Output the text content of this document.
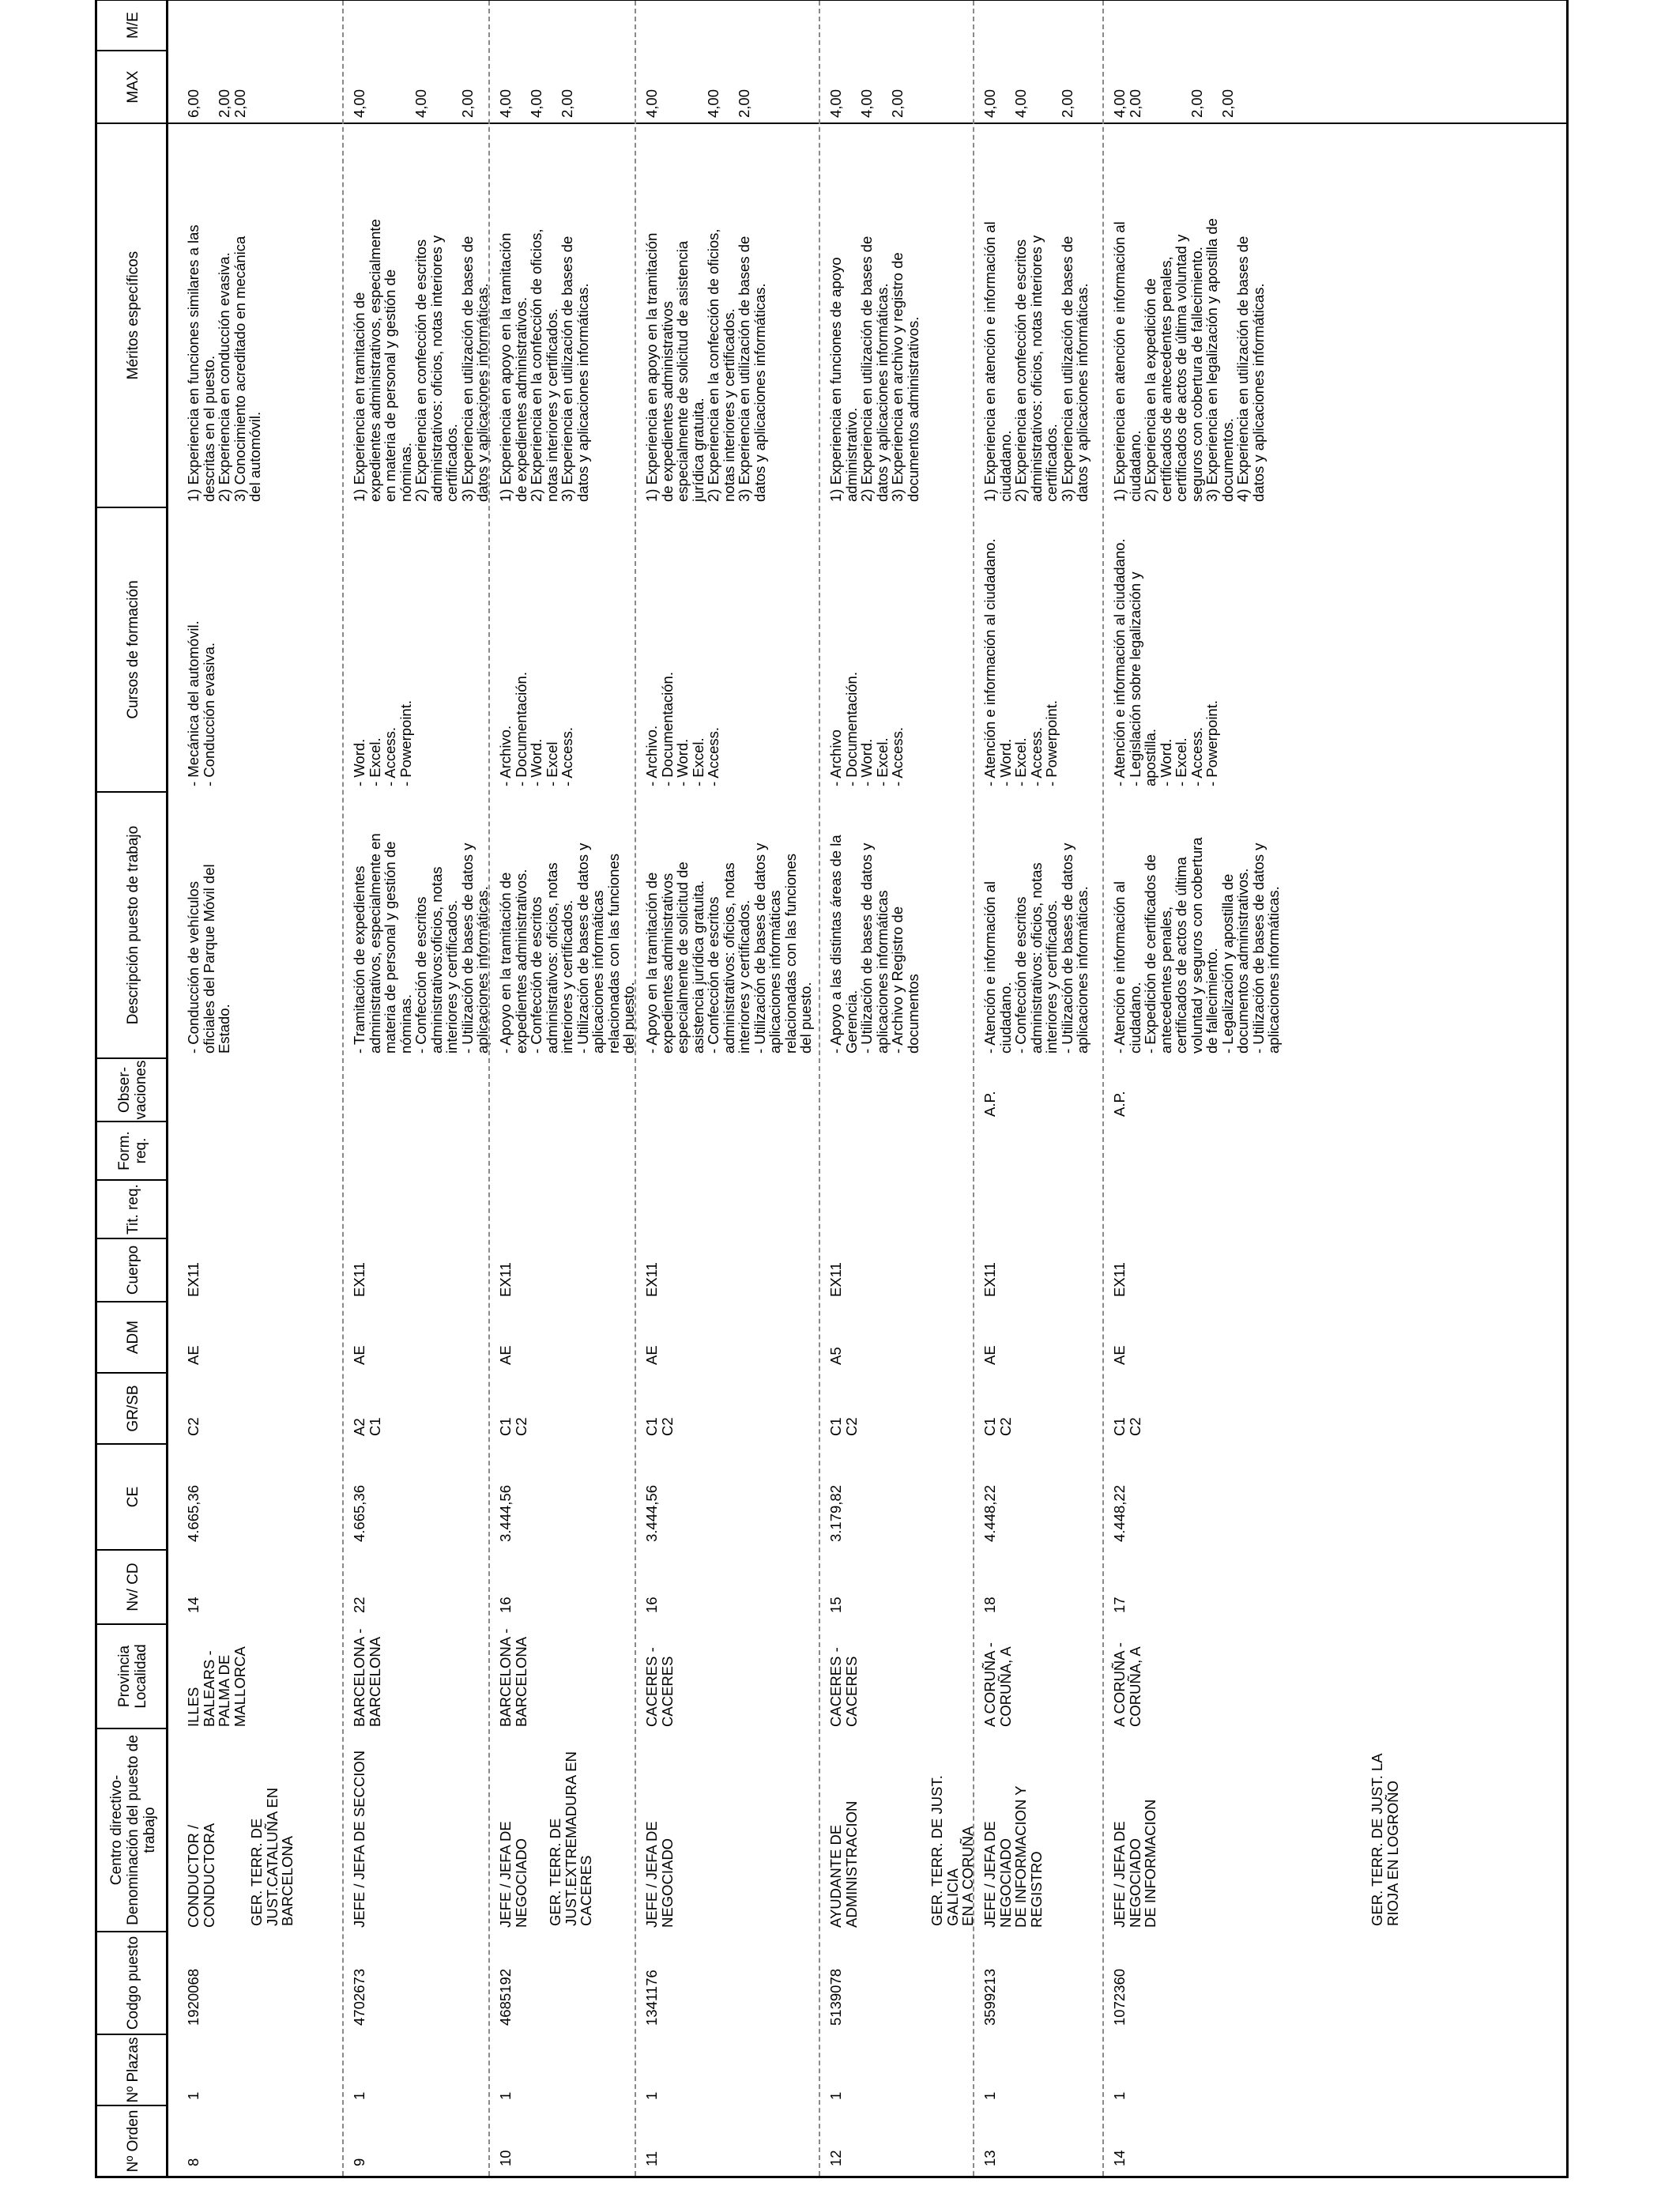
Nº Orden
Nº Plazas
Codgo puesto
Centro directivo- Denominación del puesto de trabajo
Provincia Localidad
Nv/ CD
CE
GR/SB
ADM
Cuerpo
Tit. req.
Form. req.
Obser- vaciones
Descripción puesto de trabajo
Cursos de formación
Méritos específicos
MAX
M/E
8
1
1920068
CONDUCTOR / CONDUCTORA
ILLES
BALEARS -
PALMA DE
MALLORCA
14
4.665,36
C2
AE
EX11
- Conducción de vehículos
oficiales del Parque Móvil del
Estado.
- Mecánica del automóvil.
- Conducción evasiva.
1) Experiencia en funciones similares a las
descritas en el puesto.
2) Experiencia en conducción evasiva.
3) Conocimiento acreditado en mecánica
del automóvil.
6,00

2,00
2,00
9
1
4702673
JEFE / JEFA DE SECCION
BARCELONA -
BARCELONA
22
4.665,36
A2
C1
AE
EX11
- Tramitación de expedientes
administrativos, especialmente en
materia de personal y gestión de
nóminas.
- Confección de escritos
administrativos:oficios, notas
interiores y certificados.
- Utilización de bases de datos y
aplicaciones informáticas.
- Word.
- Excel.
- Access.
- Powerpoint.
1) Experiencia en tramitación de
expedientes administrativos, especialmente
en materia de personal y gestión de
nóminas.
2) Experiencia en confección de escritos
administrativos: oficios, notas interiores y
certificados.
3) Experiencia en utilización de bases de
datos y aplicaciones informáticas.
4,00

4,00

2,00
10
1
4685192
JEFE / JEFA DE NEGOCIADO
BARCELONA -
BARCELONA
16
3.444,56
C1
C2
AE
EX11
- Apoyo en la tramitación de
expedientes administrativos.
- Confección de escritos
administrativos: oficios, notas
interiores y certificados.
- Utilización de bases de datos y
aplicaciones informáticas
relacionadas con las funciones
del puesto.
- Archivo.
- Documentación.
- Word.
- Excel
- Access.
1) Experiencia en apoyo en la tramitación
de expedientes administrativos.
2) Experiencia en la confección de oficios,
notas interiores y certificados.
3) Experiencia en utilización de bases de
datos y aplicaciones informáticas.
4,00

4,00

2,00
11
1
1341176
JEFE / JEFA DE NEGOCIADO
CACERES -
CACERES
16
3.444,56
C1
C2
AE
EX11
- Apoyo en la tramitación de
expedientes administrativos
especialmente de solicitud de
asistencia jurídica gratuita.
- Confección de escritos
administrativos: oficios, notas
interiores y certificados.
- Utilización de bases de datos y
aplicaciones informáticas
relacionadas con las funciones
del puesto.
- Archivo.
- Documentación.
- Word.
- Excel.
- Access.
1) Experiencia en apoyo en la tramitación
de expedientes administrativos
especialmente de solicitud de asistencia
jurídica gratuita.
2) Experiencia en la confección de oficios,
notas interiores y certificados.
3) Experiencia en utilización de bases de
datos y aplicaciones informáticas.
4,00

4,00

2,00
12
1
5139078
AYUDANTE DE
ADMINISTRACION
CACERES -
CACERES
15
3.179,82
C1
C2
A5
EX11
- Apoyo a las distintas áreas de la
Gerencia.
- Utilización de bases de datos y
aplicaciones informáticas
- Archivo y Registro de
documentos
- Archivo
- Documentación.
- Word.
- Excel.
- Access.
1) Experiencia en funciones de apoyo
administrativo.
2) Experiencia en utilización de bases de
datos y aplicaciones informáticas.
3) Experiencia en archivo y registro de
documentos administrativos.
4,00

4,00

2,00
13
1
3599213
JEFE / JEFA DE NEGOCIADO
DE INFORMACION Y
REGISTRO
A CORUÑA -
CORUÑA, A
18
4.448,22
C1
C2
AE
EX11
A.P.
- Atención e información al
ciudadano.
- Confección de escritos
administrativos: oficios, notas
interiores y certificados.
- Utilización de bases de datos y
aplicaciones informáticas.
- Atención e información al ciudadano.
- Word.
- Excel.
- Access.
- Powerpoint.
1) Experiencia en atención e información al
ciudadano.
2) Experiencia en confección de escritos
administrativos: oficios, notas interiores y
certificados.
3) Experiencia en utilización de bases de
datos y aplicaciones informáticas.
4,00

4,00

2,00
14
1
1072360
JEFE / JEFA DE NEGOCIADO
DE INFORMACION
A CORUÑA -
CORUÑA, A
17
4.448,22
C1
C2
AE
EX11
A.P.
- Atención e información al
ciudadano.
- Expedición de certificados de
antecedentes penales,
certificados de actos de última
voluntad y seguros con cobertura
de fallecimiento.
- Legalización y apostilla de
documentos administrativos.
- Utilización de bases de datos y
aplicaciones informáticas.
- Atención e información al ciudadano.
- Legislación sobre legalización y
apostilla.
- Word.
- Excel.
- Access.
- Powerpoint.
1) Experiencia en atención e información al
ciudadano.
2) Experiencia en la expedición de
certificados de antecedentes penales,
certificados de actos de última voluntad y
seguros con cobertura de fallecimiento.
3) Experiencia en legalización y apostilla de
documentos.
4) Experiencia en utilización de bases de
datos y aplicaciones informáticas.
4,00
2,00

2,00

2,00
GER. TERR. DE
JUST.CATALUÑA EN
BARCELONA	GER. TERR. DE
JUST.EXTREMADURA EN
CACERES	GER. TERR. DE JUST. GALICIA
EN A CORUÑA
GER. TERR. DE JUST. LA
RIOJA EN LOGROÑO
